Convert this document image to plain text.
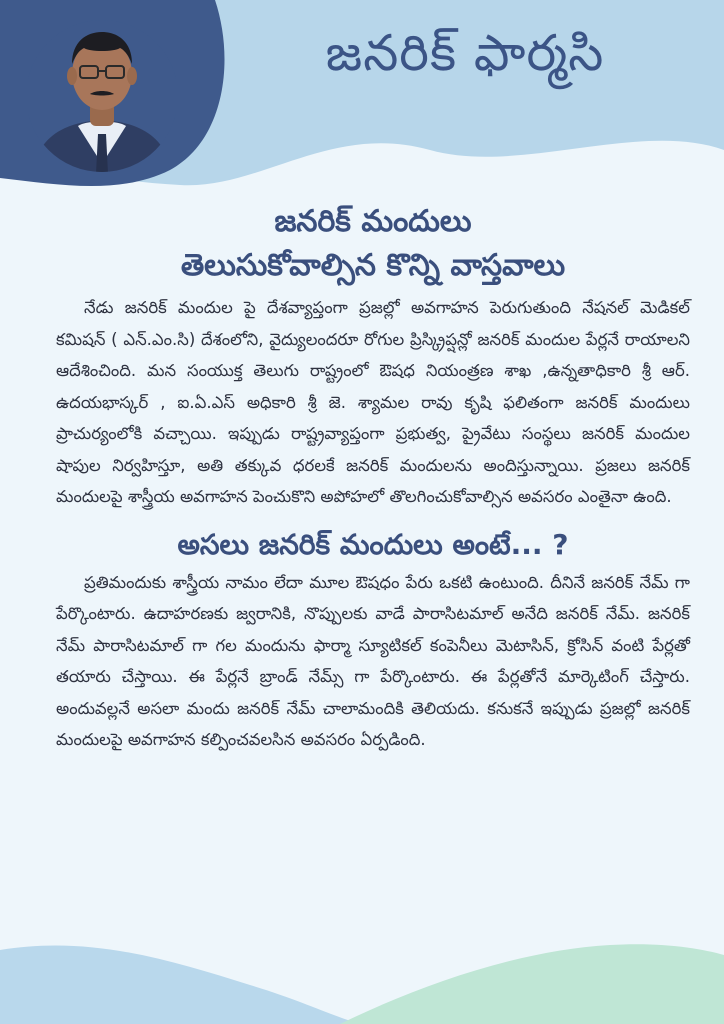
జనరిక్ ఫార్మసి

జనరిక్ మందులు

తెలుసుకోవాల్సిన కొన్ని వాస్తవాలు

నేడు జనరిక్ మందుల పై దేశవ్యాప్తంగా ప్రజల్లో అవగాహన పెరుగుతుంది నేషనల్ మెడికల్ కమిషన్ ( ఎన్.ఎం.సి) దేశంలోని, వైద్యులందరూ రోగుల ప్రిస్క్రిప్షన్లో జనరిక్ మందుల పేర్లనే రాయాలని ఆదేశించింది. మన సంయుక్త తెలుగు రాష్ట్రంలో ఔషధ నియంత్రణ శాఖ ,ఉన్నతాధికారి శ్రీ ఆర్. ఉదయభాస్కర్ , ఐ.ఏ.ఎస్ అధికారి శ్రీ జె. శ్యామల రావు కృషి ఫలితంగా జనరిక్ మందులు ప్రాచుర్యంలోకి వచ్చాయి. ఇప్పుడు రాష్ట్రవ్యాప్తంగా ప్రభుత్వ, ప్రైవేటు సంస్థలు జనరిక్ మందుల షాపుల నిర్వహిస్తూ, అతి తక్కువ ధరలకే జనరిక్ మందులను అందిస్తున్నాయి. ప్రజలు జనరిక్ మందులపై శాస్త్రీయ అవగాహన పెంచుకొని అపోహలో తొలగించుకోవాల్సిన అవసరం ఎంతైనా ఉంది.

అసలు జనరిక్ మందులు అంటే... ?

ప్రతిమందుకు శాస్త్రీయ నామం లేదా మూల ఔషధం పేరు ఒకటి ఉంటుంది. దీనినే జనరిక్ నేమ్ గా పేర్కొంటారు. ఉదాహరణకు జ్వరానికి, నొప్పులకు వాడే పారాసిటమాల్ అనేది జనరిక్ నేమ్. జనరిక్ నేమ్ పారాసిటమాల్ గా గల మందును ఫార్మా స్యూటికల్ కంపెనీలు మెటాసిన్, క్రోసిన్ వంటి పేర్లతో తయారు చేస్తాయి. ఈ పేర్లనే బ్రాండ్ నేమ్స్ గా పేర్కొంటారు. ఈ పేర్లతోనే మార్కెటింగ్ చేస్తారు. అందువల్లనే అసలా మందు జనరిక్ నేమ్ చాలామందికి తెలియదు. కనుకనే ఇప్పుడు ప్రజల్లో జనరిక్ మందులపై అవగాహన కల్పించవలసిన అవసరం ఏర్పడింది.
